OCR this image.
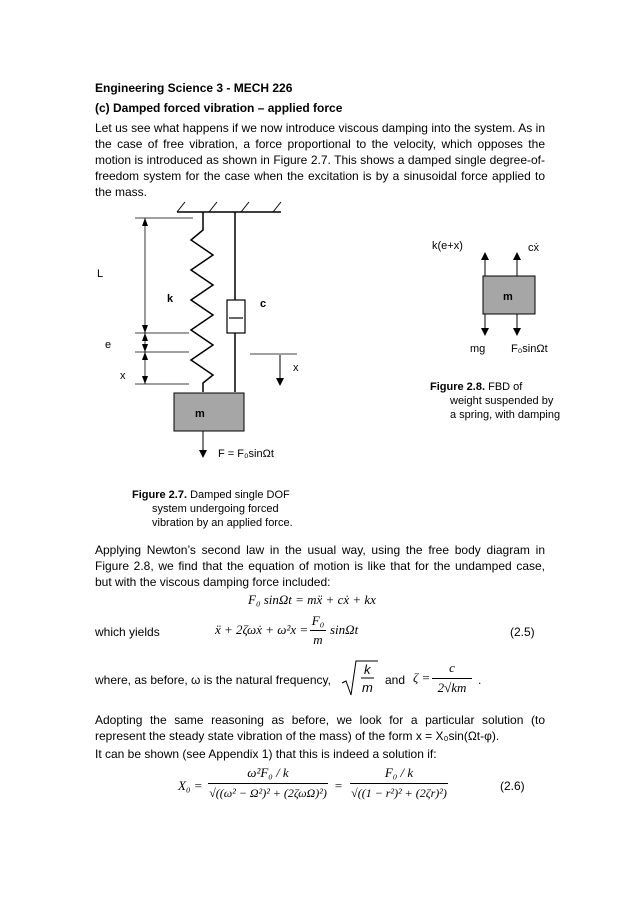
Engineering Science 3 - MECH 226
(c) Damped forced vibration – applied force
Let us see what happens if we now introduce viscous damping into the system. As in the case of free vibration, a force proportional to the velocity, which opposes the motion is introduced as shown in Figure 2.7. This shows a damped single degree-of-freedom system for the case when the excitation is by a sinusoidal force applied to the mass.
m
F = F₀sinΩt
k	c
L
e
x
x
Figure 2.7. Damped single DOF
system undergoing forced
vibration by an applied force.
m
k(e+x)	cẋ
mg F₀sinΩt
Figure 2.8. FBD of
weight suspended by
a spring, with damping
Applying Newton’s second law in the usual way, using the free body diagram in Figure 2.8, we find that the equation of motion is like that for the undamped case, but with the viscous damping force included:
F₀ sinΩt = mẍ + cẋ + kx
which yields	ẍ + 2ζωẋ + ω²x =
F₀
m
sinΩt	(2.5)
where, as before, ω is the natural frequency,
k
m and ζ =
c
2√km .
Adopting the same reasoning as before, we look for a particular solution (to represent the steady state vibration of the mass) of the form x = X₀sin(Ωt-φ).
It can be shown (see Appendix 1) that this is indeed a solution if:
X₀ =
ω²F₀ / k
√((ω² − Ω²)² + (2ζωΩ)²) =
F₀ / k
√((1 − r²)² + (2ζr)²)	(2.6)
